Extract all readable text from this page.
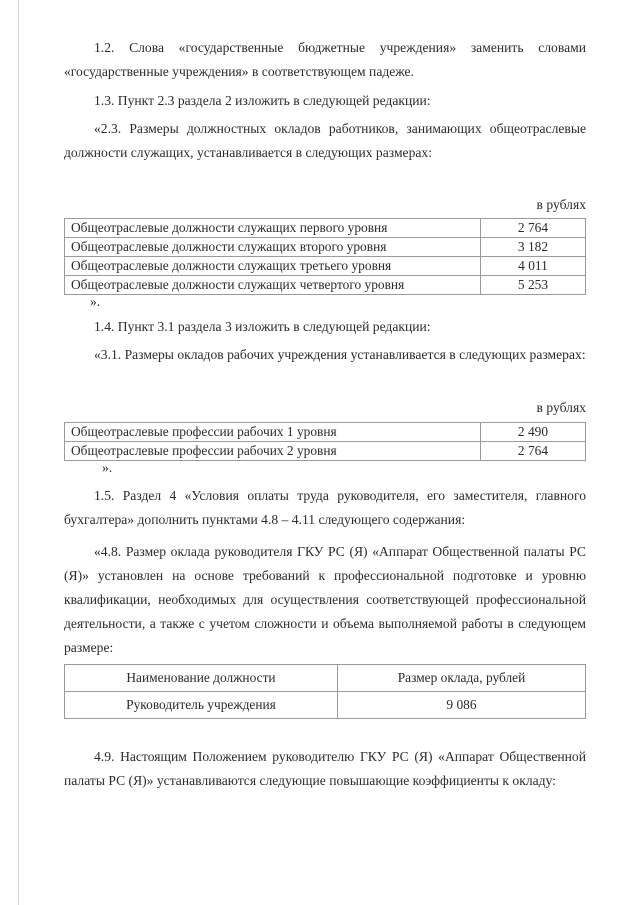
1.2. Слова «государственные бюджетные учреждения» заменить словами «государственные учреждения» в соответствующем падеже.

1.3. Пункт 2.3 раздела 2 изложить в следующей редакции:

«2.3. Размеры должностных окладов работников, занимающих общеотраслевые должности служащих, устанавливается в следующих размерах:

в рублях

Общеотраслевые должности служащих первого уровня	2 764
Общеотраслевые должности служащих второго уровня	3 182
Общеотраслевые должности служащих третьего уровня	4 011
Общеотраслевые должности служащих четвертого уровня	5 253
».

1.4. Пункт 3.1 раздела 3 изложить в следующей редакции:

«3.1. Размеры окладов рабочих учреждения устанавливается в следующих размерах:

в рублях

Общеотраслевые профессии рабочих 1 уровня	2 490
Общеотраслевые профессии рабочих 2 уровня	2 764
».

1.5. Раздел 4 «Условия оплаты труда руководителя, его заместителя, главного бухгалтера» дополнить пунктами 4.8 – 4.11 следующего содержания:

«4.8. Размер оклада руководителя ГКУ РС (Я) «Аппарат Общественной палаты РС (Я)» установлен на основе требований к профессиональной подготовке и уровню квалификации, необходимых для осуществления соответствующей профессиональной деятельности, а также с учетом сложности и объема выполняемой работы в следующем размере:

Наименование должности	Размер оклада, рублей
Руководитель учреждения	9 086

4.9. Настоящим Положением руководителю ГКУ РС (Я) «Аппарат Общественной палаты РС (Я)» устанавливаются следующие повышающие коэффициенты к окладу:
